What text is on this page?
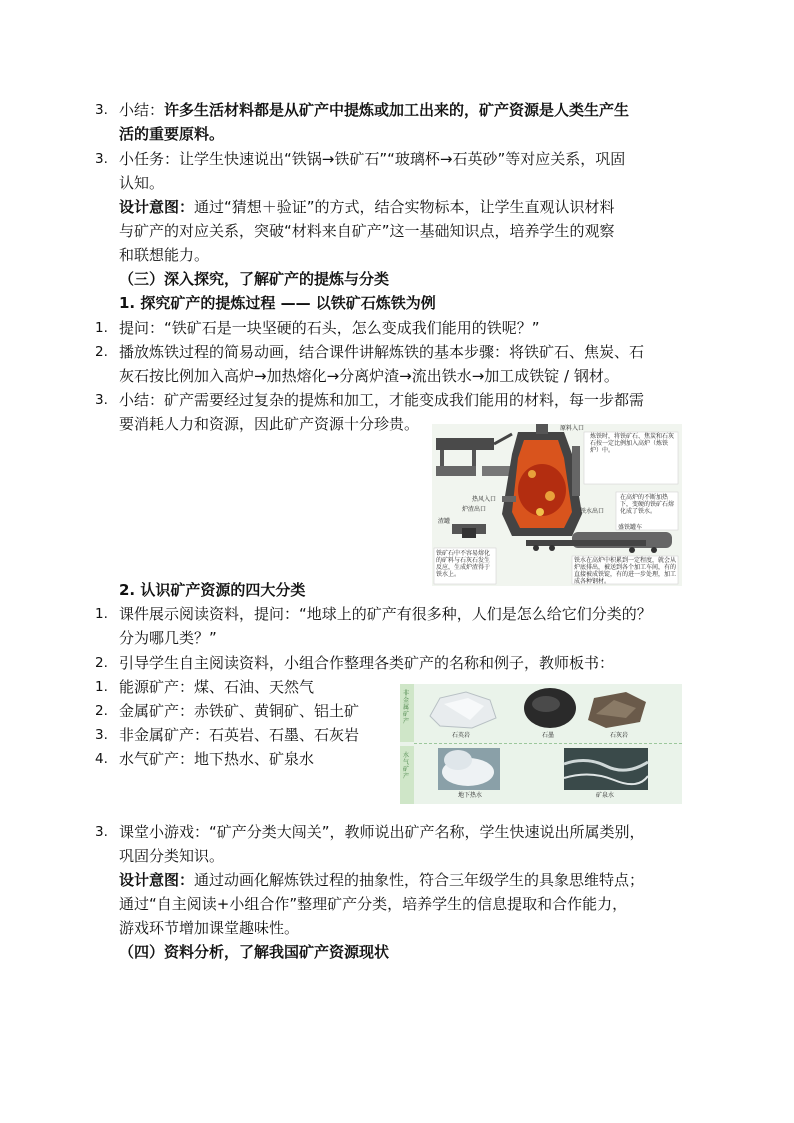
3. 小结：许多生活材料都是从矿产中提炼或加工出来的，矿产资源是人类生产生
活的重要原料。
3. 小任务：让学生快速说出“铁锅→铁矿石”“玻璃杯→石英砂”等对应关系，巩固
认知。
设计意图：通过“猜想＋验证”的方式，结合实物标本，让学生直观认识材料
与矿产的对应关系，突破“材料来自矿产”这一基础知识点，培养学生的观察
和联想能力。
（三）深入探究，了解矿产的提炼与分类
1. 探究矿产的提炼过程 —— 以铁矿石炼铁为例
1. 提问：“铁矿石是一块坚硬的石头，怎么变成我们能用的铁呢？”
2. 播放炼铁过程的简易动画，结合课件讲解炼铁的基本步骤：将铁矿石、焦炭、石
灰石按比例加入高炉→加热熔化→分离炉渣→流出铁水→加工成铁锭 / 钢材。
3. 小结：矿产需要经过复杂的提炼和加工，才能变成我们能用的材料，每一步都需
要消耗人力和资源，因此矿产资源十分珍贵。	原料入口
炼铁时，将铁矿石、焦炭和石灰石按一定比例加入高炉（炼铁炉）中。
在高炉的不断加热下，变硬的铁矿石熔化成了铁水。
铁矿石中不容易熔化的矿料与石灰石发生反应，生成炉渣得于铁水上。
铁水在高炉中积累到一定程度，就会从炉底排出，被送到各个加工车间，有的直接被成铁锭，有的进一步处理，加工成各种钢材。
热风入口
炉渣出口	铁水出口
渣罐
盛铁罐车
2. 认识矿产资源的四大分类
1. 课件展示阅读资料，提问：“地球上的矿产有很多种，人们是怎么给它们分类的？
分为哪几类？”
2. 引导学生自主阅读资料，小组合作整理各类矿产的名称和例子，教师板书：
1. 能源矿产：煤、石油、天然气
2. 金属矿产：赤铁矿、黄铜矿、铝土矿
3. 非金属矿产：石英岩、石墨、石灰岩
4. 水气矿产：地下热水、矿泉水
非金属矿产
水气矿产
石英岩	石墨	石灰岩
地下热水	矿泉水
3. 课堂小游戏：“矿产分类大闯关”，教师说出矿产名称，学生快速说出所属类别，
巩固分类知识。
设计意图：通过动画化解炼铁过程的抽象性，符合三年级学生的具象思维特点；
通过“自主阅读+小组合作”整理矿产分类，培养学生的信息提取和合作能力，
游戏环节增加课堂趣味性。
（四）资料分析，了解我国矿产资源现状
